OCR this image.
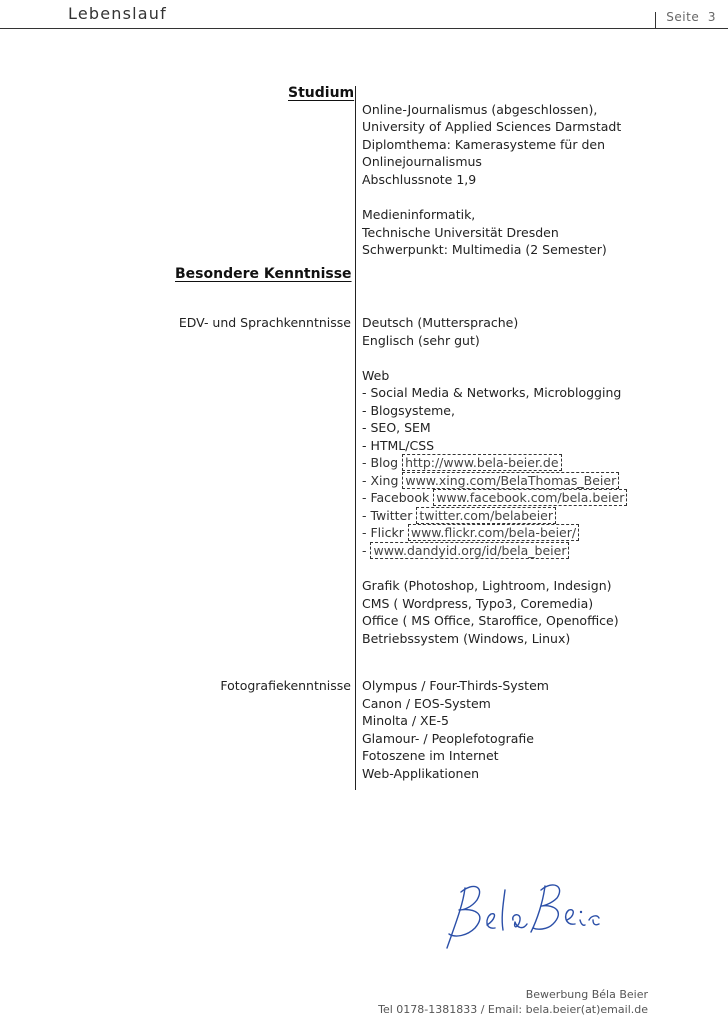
Lebenslauf	Seite 3
Studium
Online-Journalismus (abgeschlossen),
University of Applied Sciences Darmstadt
Diplomthema: Kamerasysteme für den
Onlinejournalismus
Abschlussnote 1,9
Medieninformatik,
Technische Universität Dresden
Schwerpunkt: Multimedia (2 Semester)
Besondere Kenntnisse
EDV- und Sprachkenntnisse Deutsch (Muttersprache)
Englisch (sehr gut)
Web
- Social Media & Networks, Microblogging
- Blogsysteme,
- SEO, SEM
- HTML/CSS
- Blog http://www.bela-beier.de
- Xing www.xing.com/BelaThomas_Beier
- Facebook www.facebook.com/bela.beier
- Twitter twitter.com/belabeier
- Flickr www.flickr.com/bela-beier/
- www.dandyid.org/id/bela_beier
Grafik (Photoshop, Lightroom, Indesign)
CMS ( Wordpress, Typo3, Coremedia)
Office ( MS Office, Staroffice, Openoffice)
Betriebssystem (Windows, Linux)
Fotografiekenntnisse Olympus / Four-Thirds-System
Canon / EOS-System
Minolta / XE-5
Glamour- / Peoplefotografie
Fotoszene im Internet
Web-Applikationen
Bewerbung Béla Beier
Tel 0178-1381833 / Email: bela.beier(at)email.de
